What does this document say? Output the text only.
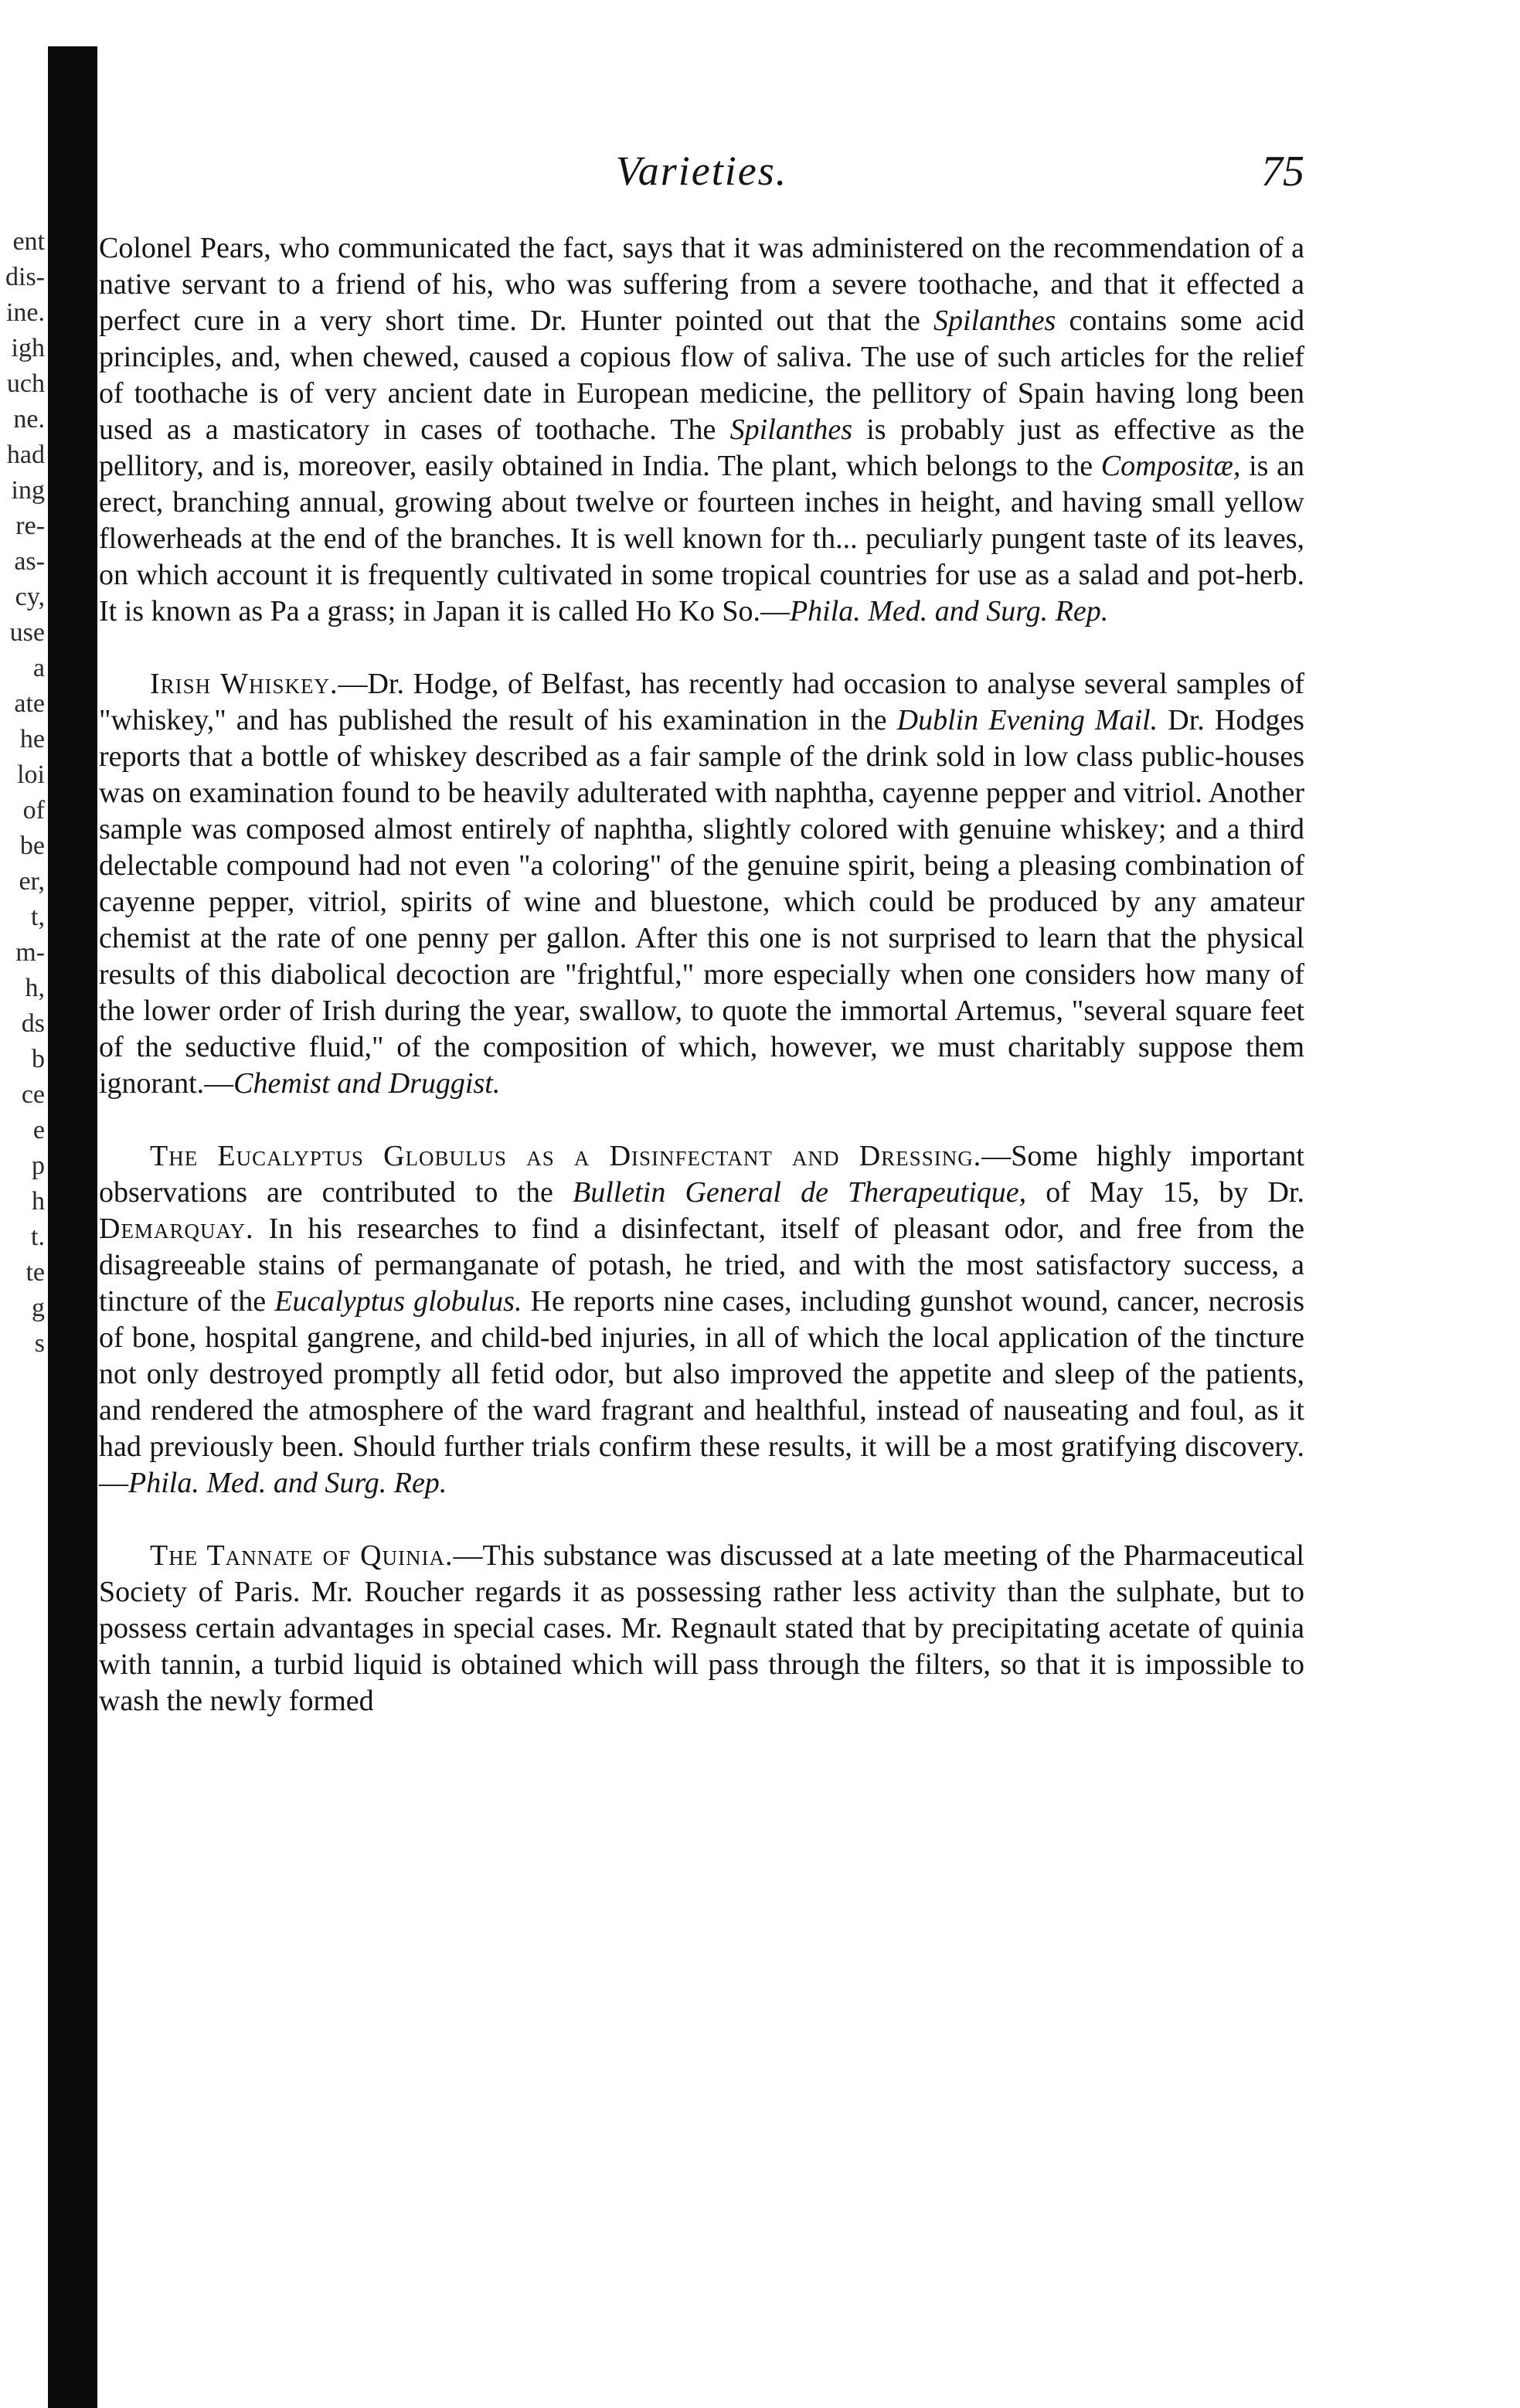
ent
dis-
ine.
igh
uch
ne.
had
ing
re-
as-
cy,
use
a
ate
he
loi
of
be
er,
t,
m-
h,
ds
b
ce
e
p
h
t.
te
g
s
Varieties.	75

Colonel Pears, who communicated the fact, says that it was administered on the recommendation of a native servant to a friend of his, who was suffering from a severe toothache, and that it effected a perfect cure in a very short time. Dr. Hunter pointed out that the Spilanthes contains some acid principles, and, when chewed, caused a copious flow of saliva. The use of such articles for the relief of toothache is of very ancient date in European medicine, the pellitory of Spain having long been used as a masticatory in cases of toothache. The Spilanthes is probably just as effective as the pellitory, and is, moreover, easily obtained in India. The plant, which belongs to the Compositæ, is an erect, branching annual, growing about twelve or fourteen inches in height, and having small yellow flowerheads at the end of the branches. It is well known for th... peculiarly pungent taste of its leaves, on which account it is frequently cultivated in some tropical countries for use as a salad and pot-herb. It is known as Pa a grass; in Japan it is called Ho Ko So.—Phila. Med. and Surg. Rep.

Irish Whiskey.—Dr. Hodge, of Belfast, has recently had occasion to analyse several samples of "whiskey," and has published the result of his examination in the Dublin Evening Mail. Dr. Hodges reports that a bottle of whiskey described as a fair sample of the drink sold in low class public-houses was on examination found to be heavily adulterated with naphtha, cayenne pepper and vitriol. Another sample was composed almost entirely of naphtha, slightly colored with genuine whiskey; and a third delectable compound had not even "a coloring" of the genuine spirit, being a pleasing combination of cayenne pepper, vitriol, spirits of wine and bluestone, which could be produced by any amateur chemist at the rate of one penny per gallon. After this one is not surprised to learn that the physical results of this diabolical decoction are "frightful," more especially when one considers how many of the lower order of Irish during the year, swallow, to quote the immortal Artemus, "several square feet of the seductive fluid," of the composition of which, however, we must charitably suppose them ignorant.—Chemist and Druggist.

The Eucalyptus Globulus as a Disinfectant and Dressing.—Some highly important observations are contributed to the Bulletin General de Therapeutique, of May 15, by Dr. Demarquay. In his researches to find a disinfectant, itself of pleasant odor, and free from the disagreeable stains of permanganate of potash, he tried, and with the most satisfactory success, a tincture of the Eucalyptus globulus. He reports nine cases, including gunshot wound, cancer, necrosis of bone, hospital gangrene, and child-bed injuries, in all of which the local application of the tincture not only destroyed promptly all fetid odor, but also improved the appetite and sleep of the patients, and rendered the atmosphere of the ward fragrant and healthful, instead of nauseating and foul, as it had previously been. Should further trials confirm these results, it will be a most gratifying discovery.—Phila. Med. and Surg. Rep.

The Tannate of Quinia.—This substance was discussed at a late meeting of the Pharmaceutical Society of Paris. Mr. Roucher regards it as possessing rather less activity than the sulphate, but to possess certain advantages in special cases. Mr. Regnault stated that by precipitating acetate of quinia with tannin, a turbid liquid is obtained which will pass through the filters, so that it is impossible to wash the newly formed
